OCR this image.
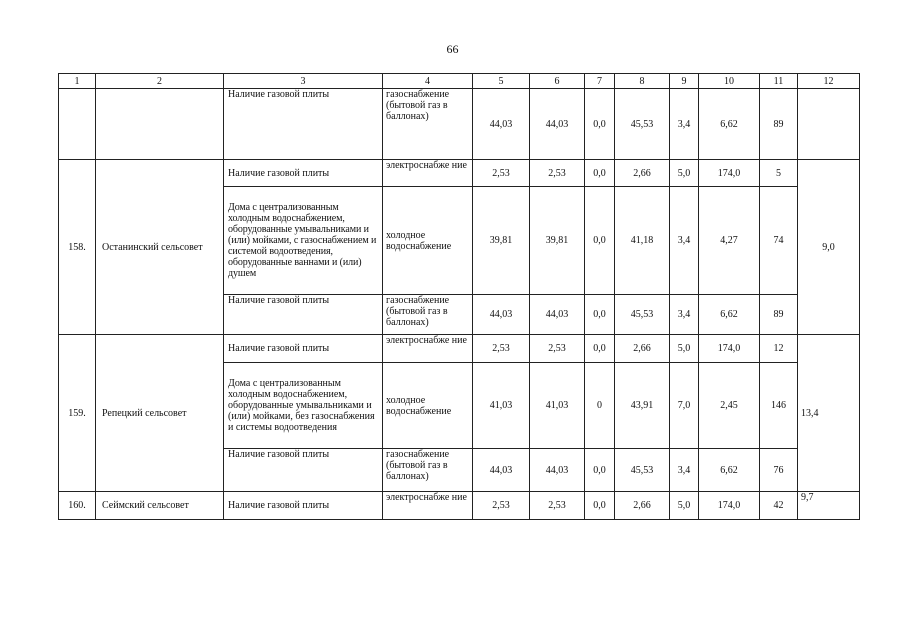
66
1	2	3	4	5	6	7	8	9	10	11	12
		Наличие газовой плиты	газоснабжение (бытовой газ в баллонах)	44,03	44,03	0,0	45,53	3,4	6,62	89	
158.	Останинский сельсовет	Наличие газовой плиты	электроснабже ние	2,53	2,53	0,0	2,66	5,0	174,0	5	9,0
		Дома с централизованным холодным водоснабжением, оборудованные умывальниками и (или) мойками, с газоснабжением и системой водоотведения, оборудованные ваннами и (или) душем	холодное водоснабжение	39,81	39,81	0,0	41,18	3,4	4,27	74	
		Наличие газовой плиты	газоснабжение (бытовой газ в баллонах)	44,03	44,03	0,0	45,53	3,4	6,62	89	
159.	Репецкий сельсовет	Наличие газовой плиты	электроснабже ние	2,53	2,53	0,0	2,66	5,0	174,0	12	13,4
		Дома с централизованным холодным водоснабжением, оборудованные умывальниками и (или) мойками, без газоснабжения и системы водоотведения	холодное водоснабжение	41,03	41,03	0	43,91	7,0	2,45	146	
		Наличие газовой плиты	газоснабжение (бытовой газ в баллонах)	44,03	44,03	0,0	45,53	3,4	6,62	76	
160.	Сеймский сельсовет	Наличие газовой плиты	электроснабже ние	2,53	2,53	0,0	2,66	5,0	174,0	42	9,7
